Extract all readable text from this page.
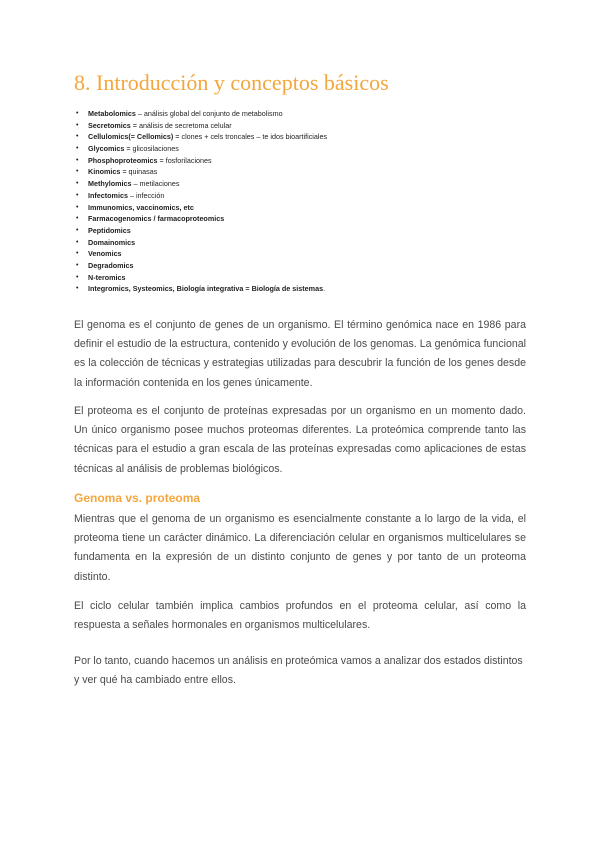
8. Introducción y conceptos básicos
• Metabolomics – análisis global del conjunto de metabolismo
• Secretomics = análisis de secretoma celular
• Cellulomics(= Cellomics) = clones + cels troncales – te idos bioartificiales
• Glycomics = glicosilaciones
• Phosphoproteomics = fosforilaciones
• Kinomics = quinasas
• Methylomics – metilaciones
• Infectomics – infección
• Immunomics, vaccinomics, etc
• Farmacogenomics / farmacoproteomics
• Peptidomics
• Domainomics
• Venomics
• Degradomics
• N-teromics
• Integromics, Systeomics, Biología integrativa = Biología de sistemas.

El genoma es el conjunto de genes de un organismo. El término genómica nace en 1986 para definir el estudio de la estructura, contenido y evolución de los genomas. La genómica funcional es la colección de técnicas y estrategias utilizadas para descubrir la función de los genes desde la información contenida en los genes únicamente.

El proteoma es el conjunto de proteínas expresadas por un organismo en un momento dado. Un único organismo posee muchos proteomas diferentes. La proteómica comprende tanto las técnicas para el estudio a gran escala de las proteínas expresadas como aplicaciones de estas técnicas al análisis de problemas biológicos.

Genoma vs. proteoma

Mientras que el genoma de un organismo es esencialmente constante a lo largo de la vida, el proteoma tiene un carácter dinámico. La diferenciación celular en organismos multicelulares se fundamenta en la expresión de un distinto conjunto de genes y por tanto de un proteoma distinto.

El ciclo celular también implica cambios profundos en el proteoma celular, así como la respuesta a señales hormonales en organismos multicelulares.

Por lo tanto, cuando hacemos un análisis en proteómica vamos a analizar dos estados distintos y ver qué ha cambiado entre ellos.
